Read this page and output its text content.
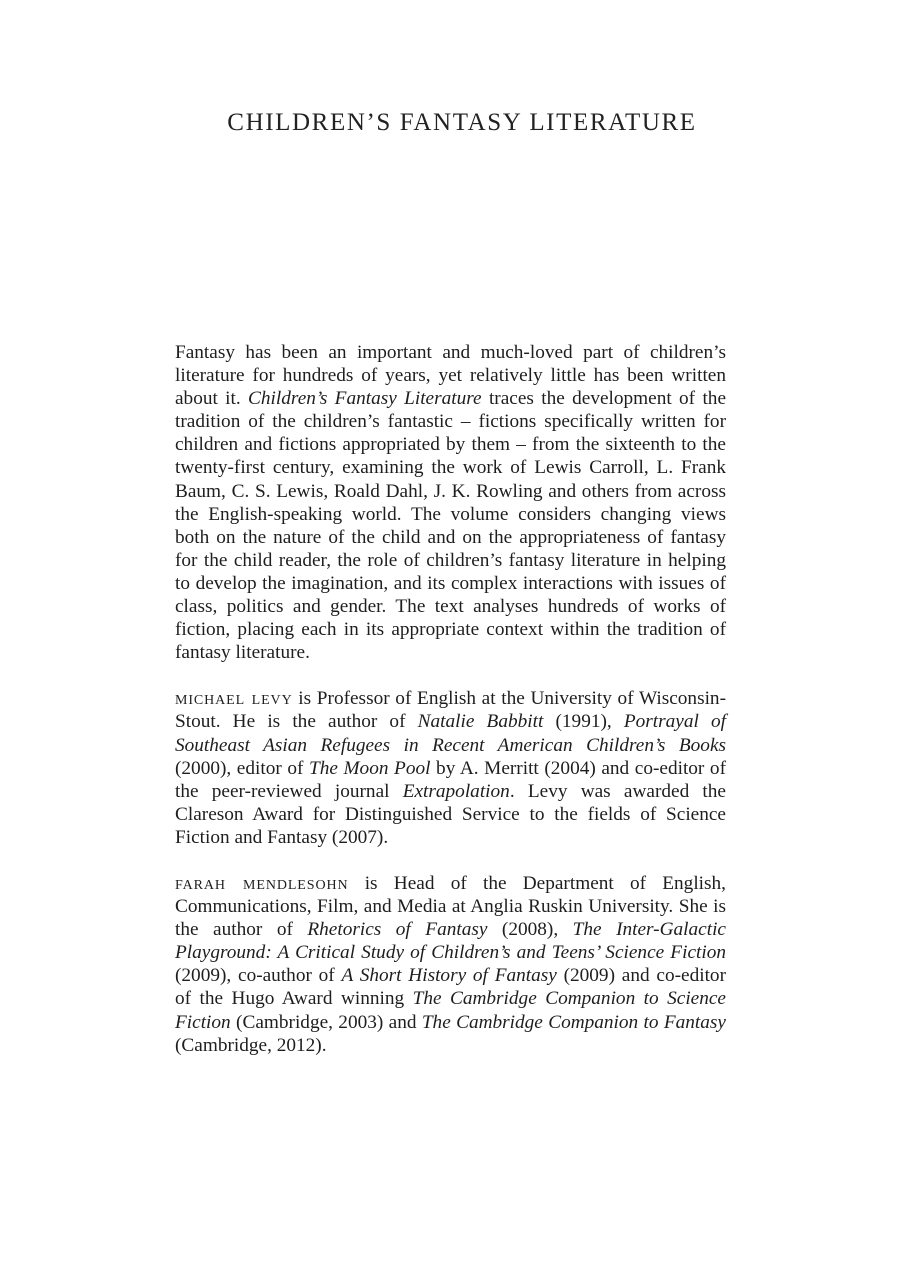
CHILDREN’S FANTASY LITERATURE

Fantasy has been an important and much-loved part of children’s literature for hundreds of years, yet relatively little has been written about it. Children’s Fantasy Literature traces the development of the tradition of the children’s fantastic – fictions specifically written for children and fictions appropriated by them – from the sixteenth to the twenty-first century, examining the work of Lewis Carroll, L. Frank Baum, C. S. Lewis, Roald Dahl, J. K. Rowling and others from across the English-speaking world. The volume considers changing views both on the nature of the child and on the appropriateness of fantasy for the child reader, the role of children’s fantasy literature in helping to develop the imagination, and its complex interactions with issues of class, politics and gender. The text analyses hundreds of works of fiction, placing each in its appropriate context within the tradition of fantasy literature.

michael levy is Professor of English at the University of Wisconsin-Stout. He is the author of Natalie Babbitt (1991), Portrayal of Southeast Asian Refugees in Recent American Children’s Books (2000), editor of The Moon Pool by A. Merritt (2004) and co-editor of the peer-reviewed journal Extrapolation. Levy was awarded the Clareson Award for Distinguished Service to the fields of Science Fiction and Fantasy (2007).

farah mendlesohn is Head of the Department of English, Communications, Film, and Media at Anglia Ruskin University. She is the author of Rhetorics of Fantasy (2008), The Inter-Galactic Playground: A Critical Study of Children’s and Teens’ Science Fiction (2009), co-author of A Short History of Fantasy (2009) and co-editor of the Hugo Award winning The Cambridge Companion to Science Fiction (Cambridge, 2003) and The Cambridge Companion to Fantasy (Cambridge, 2012).
